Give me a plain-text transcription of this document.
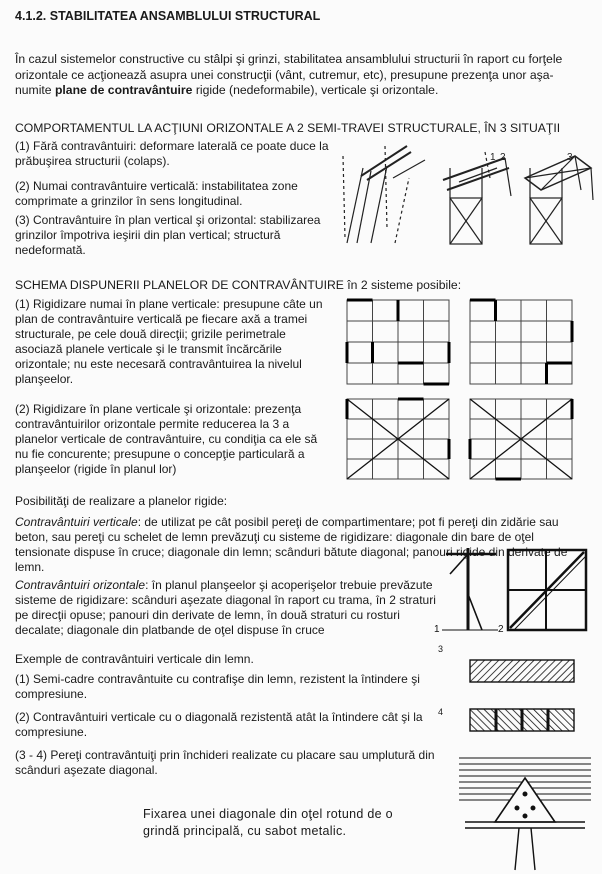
4.1.2. STABILITATEA ANSAMBLULUI STRUCTURAL
În cazul sistemelor constructive cu stâlpi şi grinzi, stabilitatea ansamblului structurii în raport cu forţele orizontale ce acţionează asupra unei construcţii (vânt, cutremur, etc), presupune prezenţa unor aşa-numite plane de contravântuire rigide (nedeformabile), verticale şi orizontale.
COMPORTAMENTUL LA ACŢIUNI ORIZONTALE A 2 SEMI-TRAVEI STRUCTURALE, ÎN 3 SITUAŢII
(1) Fără contravântuiri: deformare laterală ce poate duce la prăbuşirea structurii (colaps).
(2) Numai contravântuire verticală: instabilitatea zone comprimate a grinzilor în sens longitudinal.
(3) Contravântuire în plan vertical şi orizontal: stabilizarea grinzilor împotriva ieşirii din plan vertical; structură nedeformată.
1 2	3
SCHEMA DISPUNERII PLANELOR DE CONTRAVÂNTUIRE în 2 sisteme posibile:
(1) Rigidizare numai în plane verticale: presupune câte un plan de contravântuire verticală pe fiecare axă a tramei structurale, pe cele două direcţii; grizile perimetrale asociază planele verticale şi le transmit încărcările orizontale; nu este necesară contravântuirea la nivelul planşeelor.
(2) Rigidizare în plane verticale şi orizontale: prezenţa contravântuirilor orizontale permite reducerea la 3 a planelor verticale de contravântuire, cu condiţia ca ele să nu fie concurente; presupune o concepţie particulară a planşeelor (rigide în planul lor)
Posibilităţi de realizare a planelor rigide:
Contravântuiri verticale: de utilizat pe cât posibil pereţi de compartimentare; pot fi pereţi din zidărie sau beton, sau pereţi cu schelet de lemn prevăzuţi cu sisteme de rigidizare: diagonale din bare de oţel tensionate dispuse în cruce; diagonale din lemn; scânduri bătute diagonal; panouri rigide din derivate de lemn.
Contravântuiri orizontale: în planul planşeelor şi acoperişelor trebuie prevăzute sisteme de rigidizare: scânduri aşezate diagonal în raport cu trama, în 2 straturi pe direcţii opuse; panouri din derivate de lemn, în două straturi cu rosturi decalate; diagonale din platbande de oţel dispuse în cruce	1	2
3
4
Exemple de contravântuiri verticale din lemn.
(1) Semi-cadre contravântuite cu contrafişe din lemn, rezistent la întindere şi compresiune.
(2) Contravântuiri verticale cu o diagonală rezistentă atât la întindere cât şi la compresiune.
(3 - 4) Pereţi contravântuiţi prin închideri realizate cu placare sau umplutură din scânduri aşezate diagonal.
Fixarea unei diagonale din oţel rotund de o grindă principală, cu sabot metalic.
